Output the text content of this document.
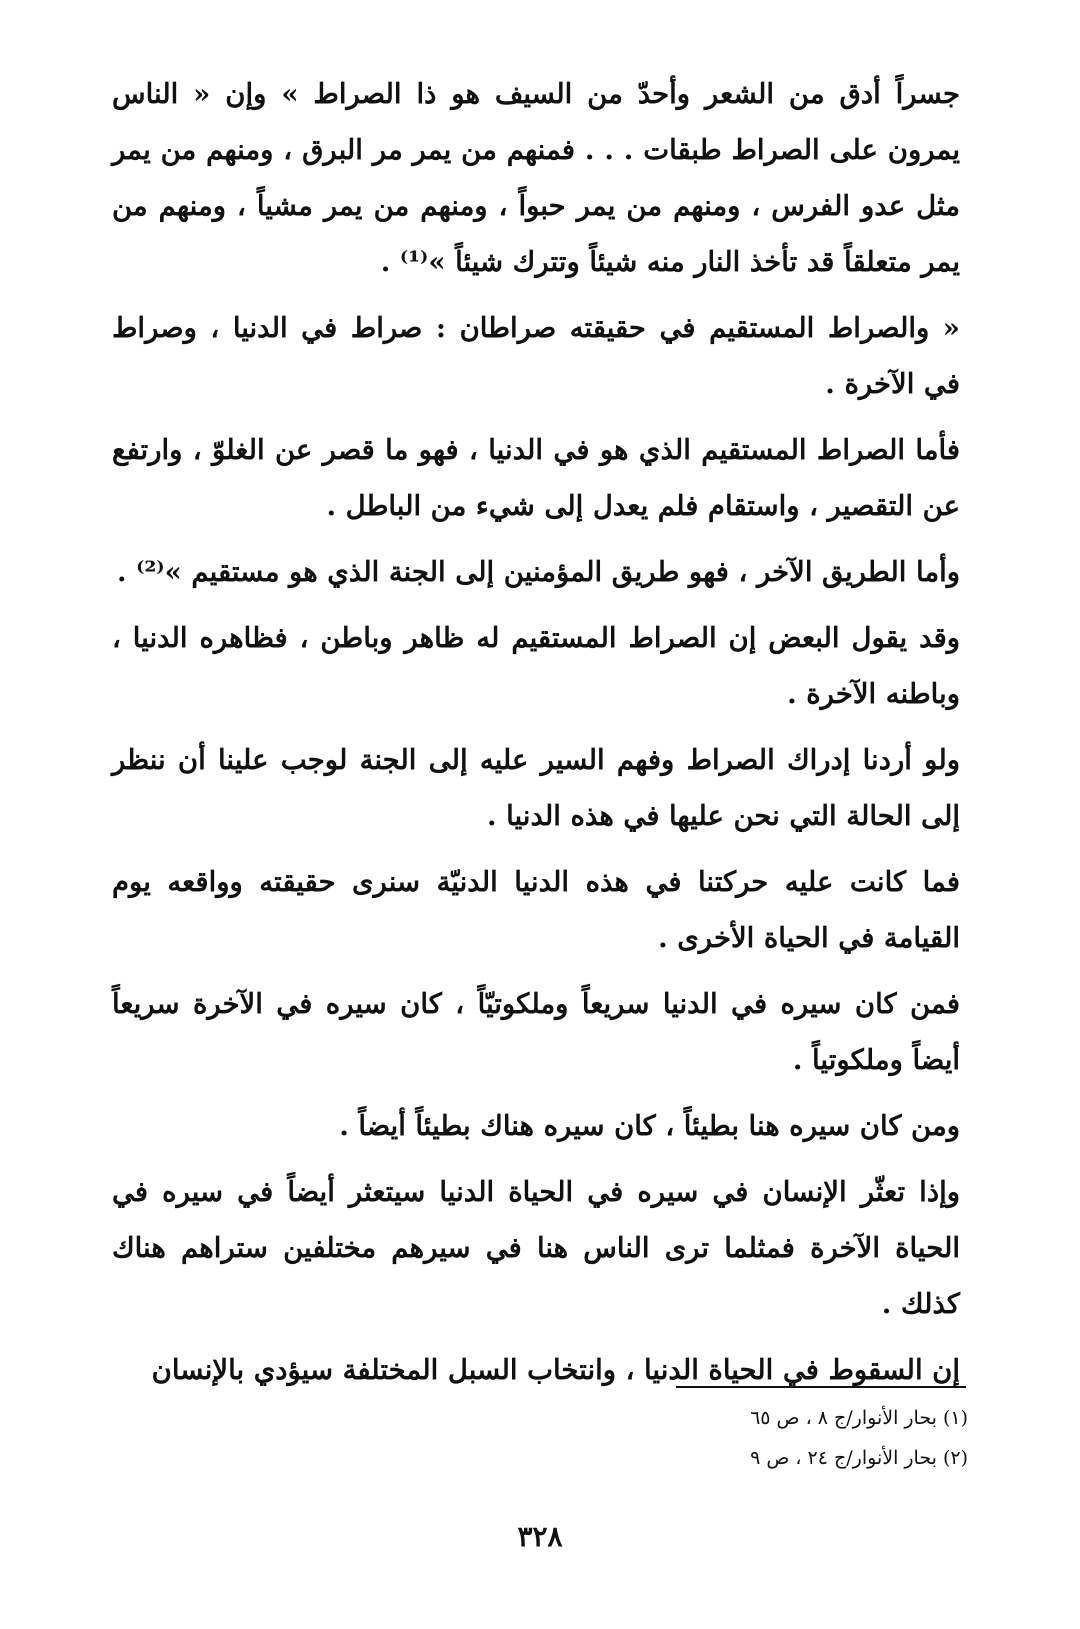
جسراً أدق من الشعر وأحدّ من السيف هو ذا الصراط » وإن « الناس يمرون على الصراط طبقات . . . فمنهم من يمر مر البرق ، ومنهم من يمر مثل عدو الفرس ، ومنهم من يمر حبواً ، ومنهم من يمر مشياً ، ومنهم من يمر متعلقاً قد تأخذ النار منه شيئاً وتترك شيئاً »⁽¹⁾ .

« والصراط المستقيم في حقيقته صراطان : صراط في الدنيا ، وصراط في الآخرة .

فأما الصراط المستقيم الذي هو في الدنيا ، فهو ما قصر عن الغلوّ ، وارتفع عن التقصير ، واستقام فلم يعدل إلى شيء من الباطل .

وأما الطريق الآخر ، فهو طريق المؤمنين إلى الجنة الذي هو مستقيم »⁽²⁾ .

وقد يقول البعض إن الصراط المستقيم له ظاهر وباطن ، فظاهره الدنيا ، وباطنه الآخرة .

ولو أردنا إدراك الصراط وفهم السير عليه إلى الجنة لوجب علينا أن ننظر إلى الحالة التي نحن عليها في هذه الدنيا .

فما كانت عليه حركتنا في هذه الدنيا الدنيّة سنرى حقيقته وواقعه يوم القيامة في الحياة الأخرى .

فمن كان سيره في الدنيا سريعاً وملكوتيّاً ، كان سيره في الآخرة سريعاً أيضاً وملكوتياً .

ومن كان سيره هنا بطيئاً ، كان سيره هناك بطيئاً أيضاً .

وإذا تعثّر الإنسان في سيره في الحياة الدنيا سيتعثر أيضاً في سيره في الحياة الآخرة فمثلما ترى الناس هنا في سيرهم مختلفين ستراهم هناك كذلك .

إن السقوط في الحياة الدنيا ، وانتخاب السبل المختلفة سيؤدي بالإنسان

(١) بحار الأنوار/ج ٨ ، ص ٦٥
(٢) بحار الأنوار/ج ٢٤ ، ص ٩
٣٢٨
